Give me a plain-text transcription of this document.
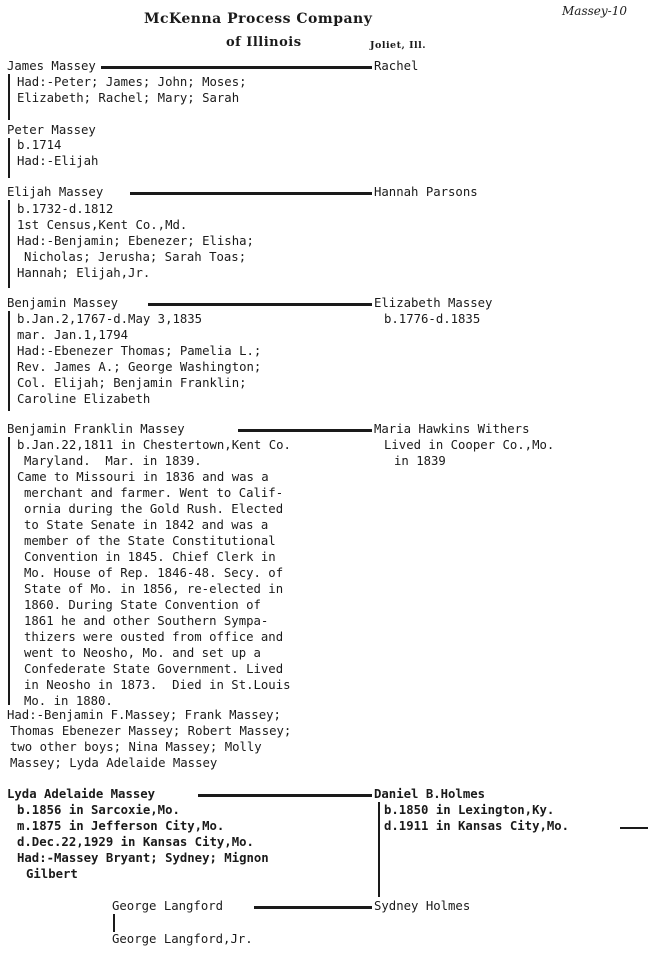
McKenna Process Company
of Illinois	Joliet, Ill.
Massey-10
James Massey	Rachel
Had:-Peter; James; John; Moses;
Elizabeth; Rachel; Mary; Sarah
Peter Massey
b.1714
Had:-Elijah
Elijah Massey	Hannah Parsons
b.1732-d.1812
1st Census,Kent Co.,Md.
Had:-Benjamin; Ebenezer; Elisha;
Nicholas; Jerusha; Sarah Toas;
Hannah; Elijah,Jr.
Benjamin Massey	Elizabeth Massey
b.1776-d.1835
b.Jan.2,1767-d.May 3,1835
mar. Jan.1,1794
Had:-Ebenezer Thomas; Pamelia L.;
Rev. James A.; George Washington;
Col. Elijah; Benjamin Franklin;
Caroline Elizabeth
Benjamin Franklin Massey	Maria Hawkins Withers
Lived in Cooper Co.,Mo.
in 1839
b.Jan.22,1811 in Chestertown,Kent Co.
Maryland.  Mar. in 1839.
Came to Missouri in 1836 and was a
merchant and farmer. Went to Calif-
ornia during the Gold Rush. Elected
to State Senate in 1842 and was a
member of the State Constitutional
Convention in 1845. Chief Clerk in
Mo. House of Rep. 1846-48. Secy. of
State of Mo. in 1856, re-elected in
1860. During State Convention of
1861 he and other Southern Sympa-
thizers were ousted from office and
went to Neosho, Mo. and set up a
Confederate State Government. Lived
in Neosho in 1873.  Died in St.Louis
Mo. in 1880.
Had:-Benjamin F.Massey; Frank Massey;
Thomas Ebenezer Massey; Robert Massey;
two other boys; Nina Massey; Molly
Massey; Lyda Adelaide Massey
Lyda Adelaide Massey	Daniel B.Holmes
b.1850 in Lexington,Ky.
d.1911 in Kansas City,Mo.
b.1856 in Sarcoxie,Mo.
m.1875 in Jefferson City,Mo.
d.Dec.22,1929 in Kansas City,Mo.
Had:-Massey Bryant; Sydney; Mignon
Gilbert
George Langford	Sydney Holmes
George Langford,Jr.
